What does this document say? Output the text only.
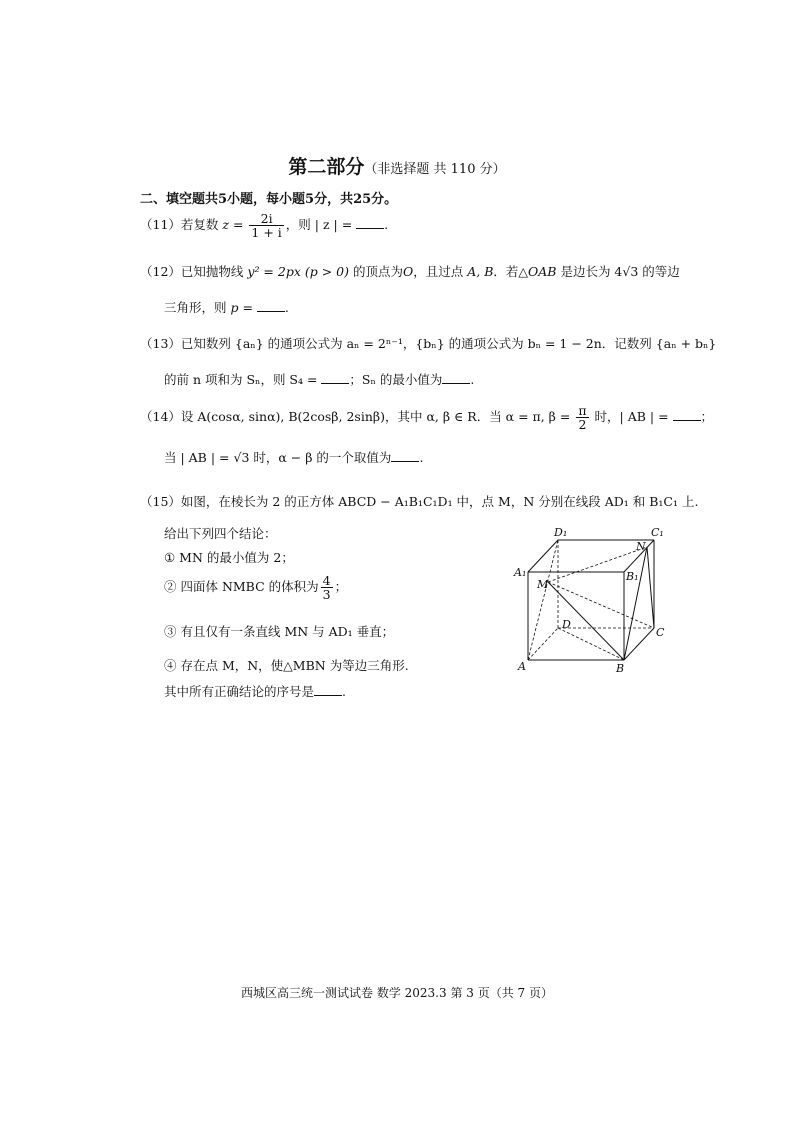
第二部分（非选择题 共 110 分）
二、填空题共5小题，每小题5分，共25分。
（11）若复数 $z = \frac{2i}{1 + i}$ ，则 | z | = .
（12）已知抛物线 y² = 2px (p > 0) 的顶点为O，且过点 A, B．若△OAB 是边长为 4√3 的等边
三角形，则 p = .
（13）已知数列 {aₙ} 的通项公式为 aₙ = 2ⁿ⁻¹，{bₙ} 的通项公式为 bₙ = 1 − 2n．记数列 {aₙ + bₙ}
的前 n 项和为 Sₙ，则 S₄ = ；Sₙ 的最小值为 .
（14）设 A(cosα, sinα), B(2cosβ, 2sinβ)，其中 α, β ∈ R．当 α = π, $\beta = \frac{\pi}{2}$ 时，| AB | = ；
当 | AB | = √3 时，α − β 的一个取值为 .
（15）如图，在棱长为 2 的正方体 ABCD − A₁B₁C₁D₁ 中，点 M，N 分别在线段 AD₁ 和 B₁C₁ 上.
给出下列四个结论：
① MN 的最小值为 2；
② 四面体 NMBC 的体积为 $\frac{4}{3}$ ；
③ 有且仅有一条直线 MN 与 AD₁ 垂直；
④ 存在点 M，N，使△MBN 为等边三角形.
其中所有正确结论的序号是 .
D₁	C₁
N
A₁	B₁
M
D
C
A	B
西城区高三统一测试试卷 数学 2023.3 第 3 页（共 7 页）
